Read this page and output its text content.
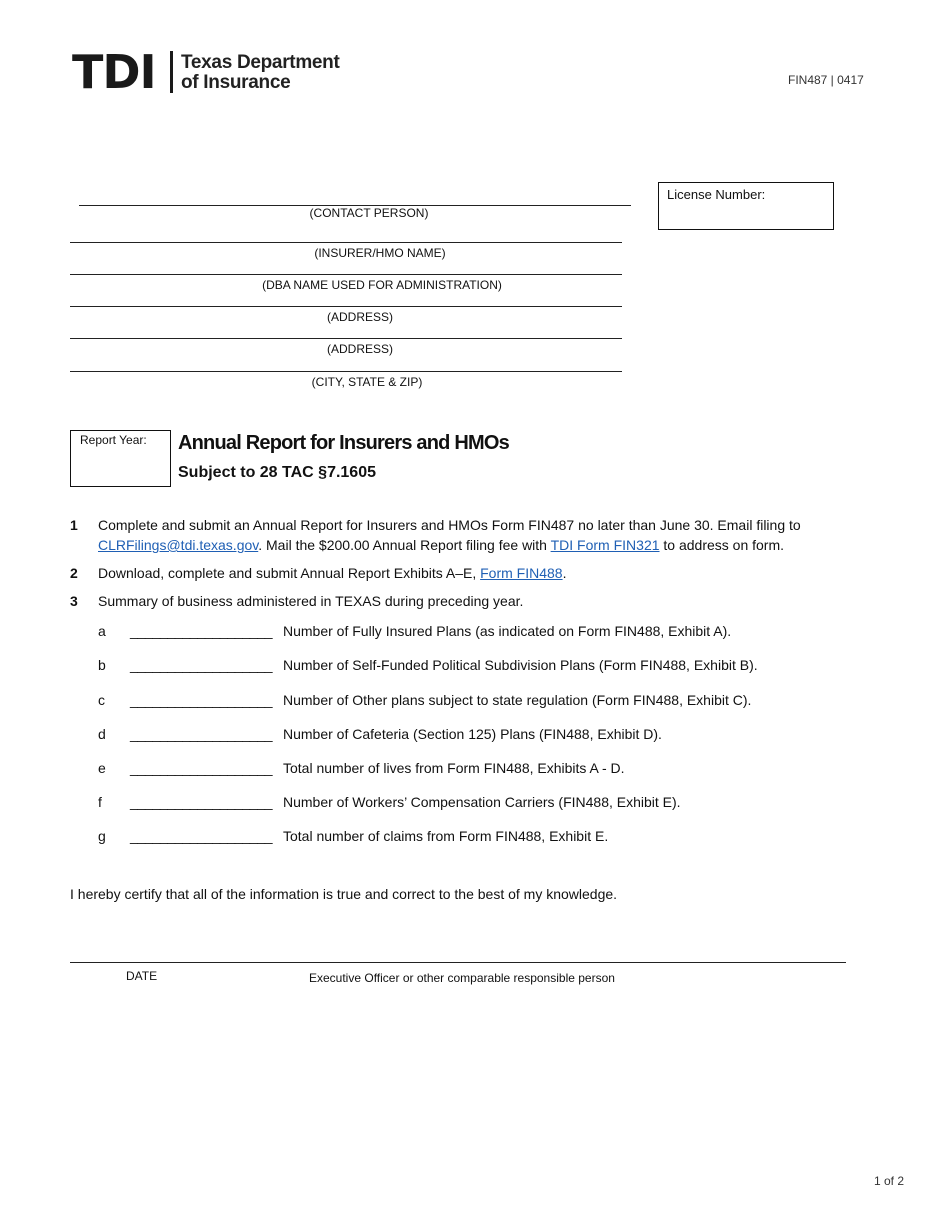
TDI Texas Department
of Insurance	FIN487 | 0417
License Number:
(CONTACT PERSON)
(INSURER/HMO NAME)
(DBA NAME USED FOR ADMINISTRATION)
(ADDRESS)
(ADDRESS)
(CITY, STATE & ZIP)
Report Year: Annual Report for Insurers and HMOs
Subject to 28 TAC §7.1605
1 Complete and submit an Annual Report for Insurers and HMOs Form FIN487 no later than June 30. Email filing to CLRFilings@tdi.texas.gov. Mail the $200.00 Annual Report filing fee with TDI Form FIN321 to address on form.
2 Download, complete and submit Annual Report Exhibits A–E, Form FIN488.
3 Summary of business administered in TEXAS during preceding year.
a ___________________ Number of Fully Insured Plans (as indicated on Form FIN488, Exhibit A).
b ___________________ Number of Self-Funded Political Subdivision Plans (Form FIN488, Exhibit B).
c ___________________ Number of Other plans subject to state regulation (Form FIN488, Exhibit C).
d ___________________ Number of Cafeteria (Section 125) Plans (FIN488, Exhibit D).
e ___________________ Total number of lives from Form FIN488, Exhibits A - D.
f ___________________ Number of Workers’ Compensation Carriers (FIN488, Exhibit E).
g ___________________ Total number of claims from Form FIN488, Exhibit E.
I hereby certify that all of the information is true and correct to the best of my knowledge.
DATE	Executive Officer or other comparable responsible person
1 of 2
